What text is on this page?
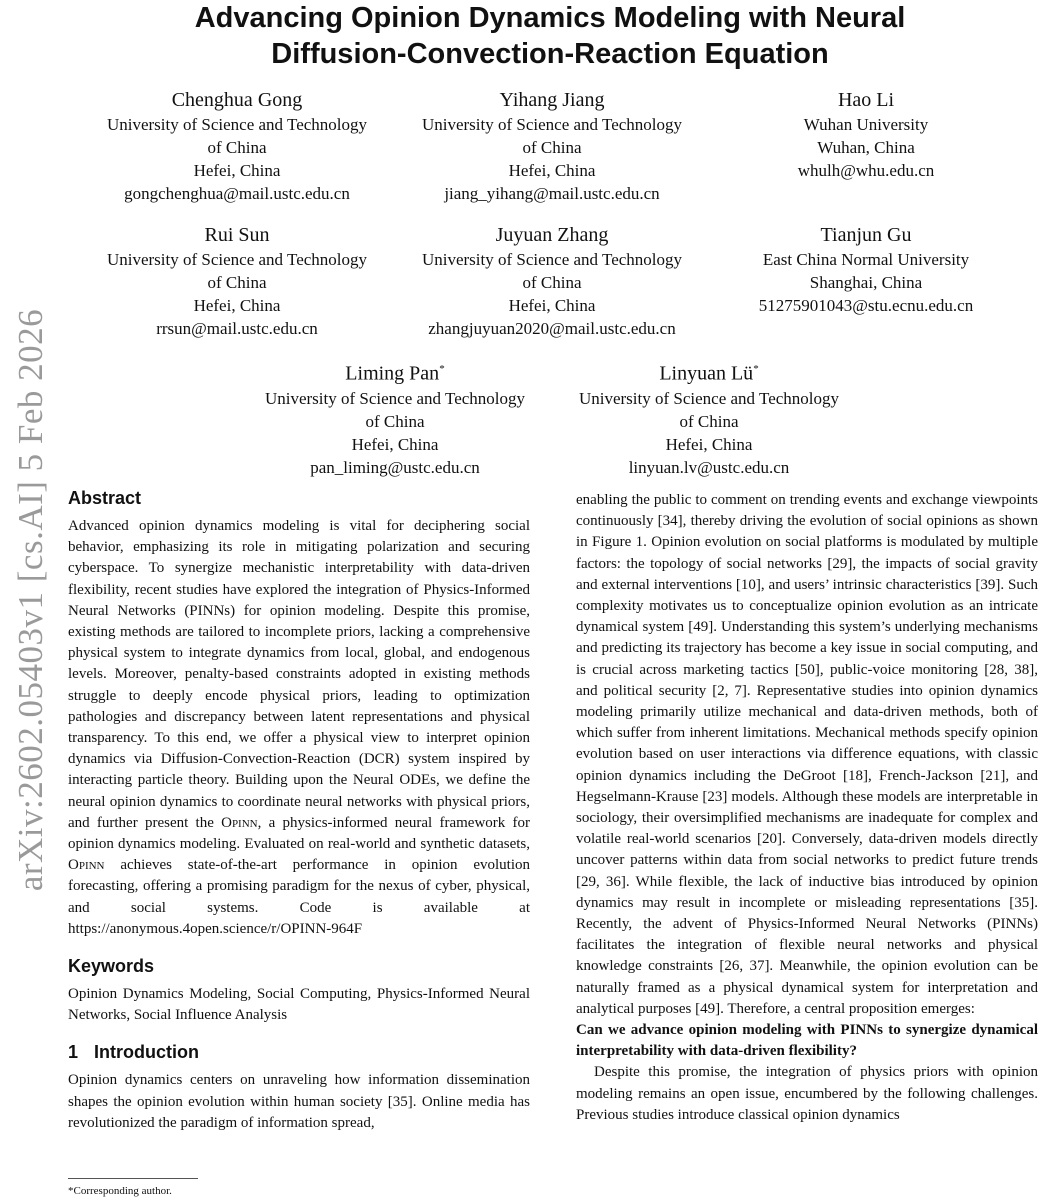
arXiv:2602.05403v1 [cs.AI] 5 Feb 2026
Advancing Opinion Dynamics Modeling with Neural
Diffusion-Convection-Reaction Equation
Chenghua Gong
University of Science and Technology
of China
Hefei, China
gongchenghua@mail.ustc.edu.cn
Yihang Jiang
University of Science and Technology
of China
Hefei, China
jiang_yihang@mail.ustc.edu.cn
Hao Li
Wuhan University
Wuhan, China
whulh@whu.edu.cn
Rui Sun
University of Science and Technology
of China
Hefei, China
rrsun@mail.ustc.edu.cn
Juyuan Zhang
University of Science and Technology
of China
Hefei, China
zhangjuyuan2020@mail.ustc.edu.cn
Tianjun Gu
East China Normal University
Shanghai, China
51275901043@stu.ecnu.edu.cn
Liming Pan*
University of Science and Technology
of China
Hefei, China
pan_liming@ustc.edu.cn
Linyuan Lü*
University of Science and Technology
of China
Hefei, China
linyuan.lv@ustc.edu.cn
Abstract

Advanced opinion dynamics modeling is vital for deciphering social behavior, emphasizing its role in mitigating polarization and securing cyberspace. To synergize mechanistic interpretability with data-driven flexibility, recent studies have explored the integration of Physics-Informed Neural Networks (PINNs) for opinion modeling. Despite this promise, existing methods are tailored to incomplete priors, lacking a comprehensive physical system to integrate dynamics from local, global, and endogenous levels. Moreover, penalty-based constraints adopted in existing methods struggle to deeply encode physical priors, leading to optimization pathologies and discrepancy between latent representations and physical transparency. To this end, we offer a physical view to interpret opinion dynamics via Diffusion-Convection-Reaction (DCR) system inspired by interacting particle theory. Building upon the Neural ODEs, we define the neural opinion dynamics to coordinate neural networks with physical priors, and further present the Opinn, a physics-informed neural framework for opinion dynamics modeling. Evaluated on real-world and synthetic datasets, Opinn achieves state-of-the-art performance in opinion evolution forecasting, offering a promising paradigm for the nexus of cyber, physical, and social systems. Code is available at https://anonymous.4open.science/r/OPINN-964F

Keywords

Opinion Dynamics Modeling, Social Computing, Physics-Informed Neural Networks, Social Influence Analysis

1 Introduction

Opinion dynamics centers on unraveling how information dissemination shapes the opinion evolution within human society [35]. Online media has revolutionized the paradigm of information spread,

enabling the public to comment on trending events and exchange viewpoints continuously [34], thereby driving the evolution of social opinions as shown in Figure 1. Opinion evolution on social platforms is modulated by multiple factors: the topology of social networks [29], the impacts of social gravity and external interventions [10], and users’ intrinsic characteristics [39]. Such complexity motivates us to conceptualize opinion evolution as an intricate dynamical system [49]. Understanding this system’s underlying mechanisms and predicting its trajectory has become a key issue in social computing, and is crucial across marketing tactics [50], public-voice monitoring [28, 38], and political security [2, 7]. Representative studies into opinion dynamics modeling primarily utilize mechanical and data-driven methods, both of which suffer from inherent limitations. Mechanical methods specify opinion evolution based on user interactions via difference equations, with classic opinion dynamics including the DeGroot [18], French-Jackson [21], and Hegselmann-Krause [23] models. Although these models are interpretable in sociology, their oversimplified mechanisms are inadequate for complex and volatile real-world scenarios [20]. Conversely, data-driven models directly uncover patterns within data from social networks to predict future trends [29, 36]. While flexible, the lack of inductive bias introduced by opinion dynamics may result in incomplete or misleading representations [35]. Recently, the advent of Physics-Informed Neural Networks (PINNs) facilitates the integration of flexible neural networks and physical knowledge constraints [26, 37]. Meanwhile, the opinion evolution can be naturally framed as a physical dynamical system for interpretation and analytical purposes [49]. Therefore, a central proposition emerges:

Can we advance opinion modeling with PINNs to synergize dynamical interpretability with data-driven flexibility?

Despite this promise, the integration of physics priors with opinion modeling remains an open issue, encumbered by the following challenges. Previous studies introduce classical opinion dynamics

*Corresponding author.
